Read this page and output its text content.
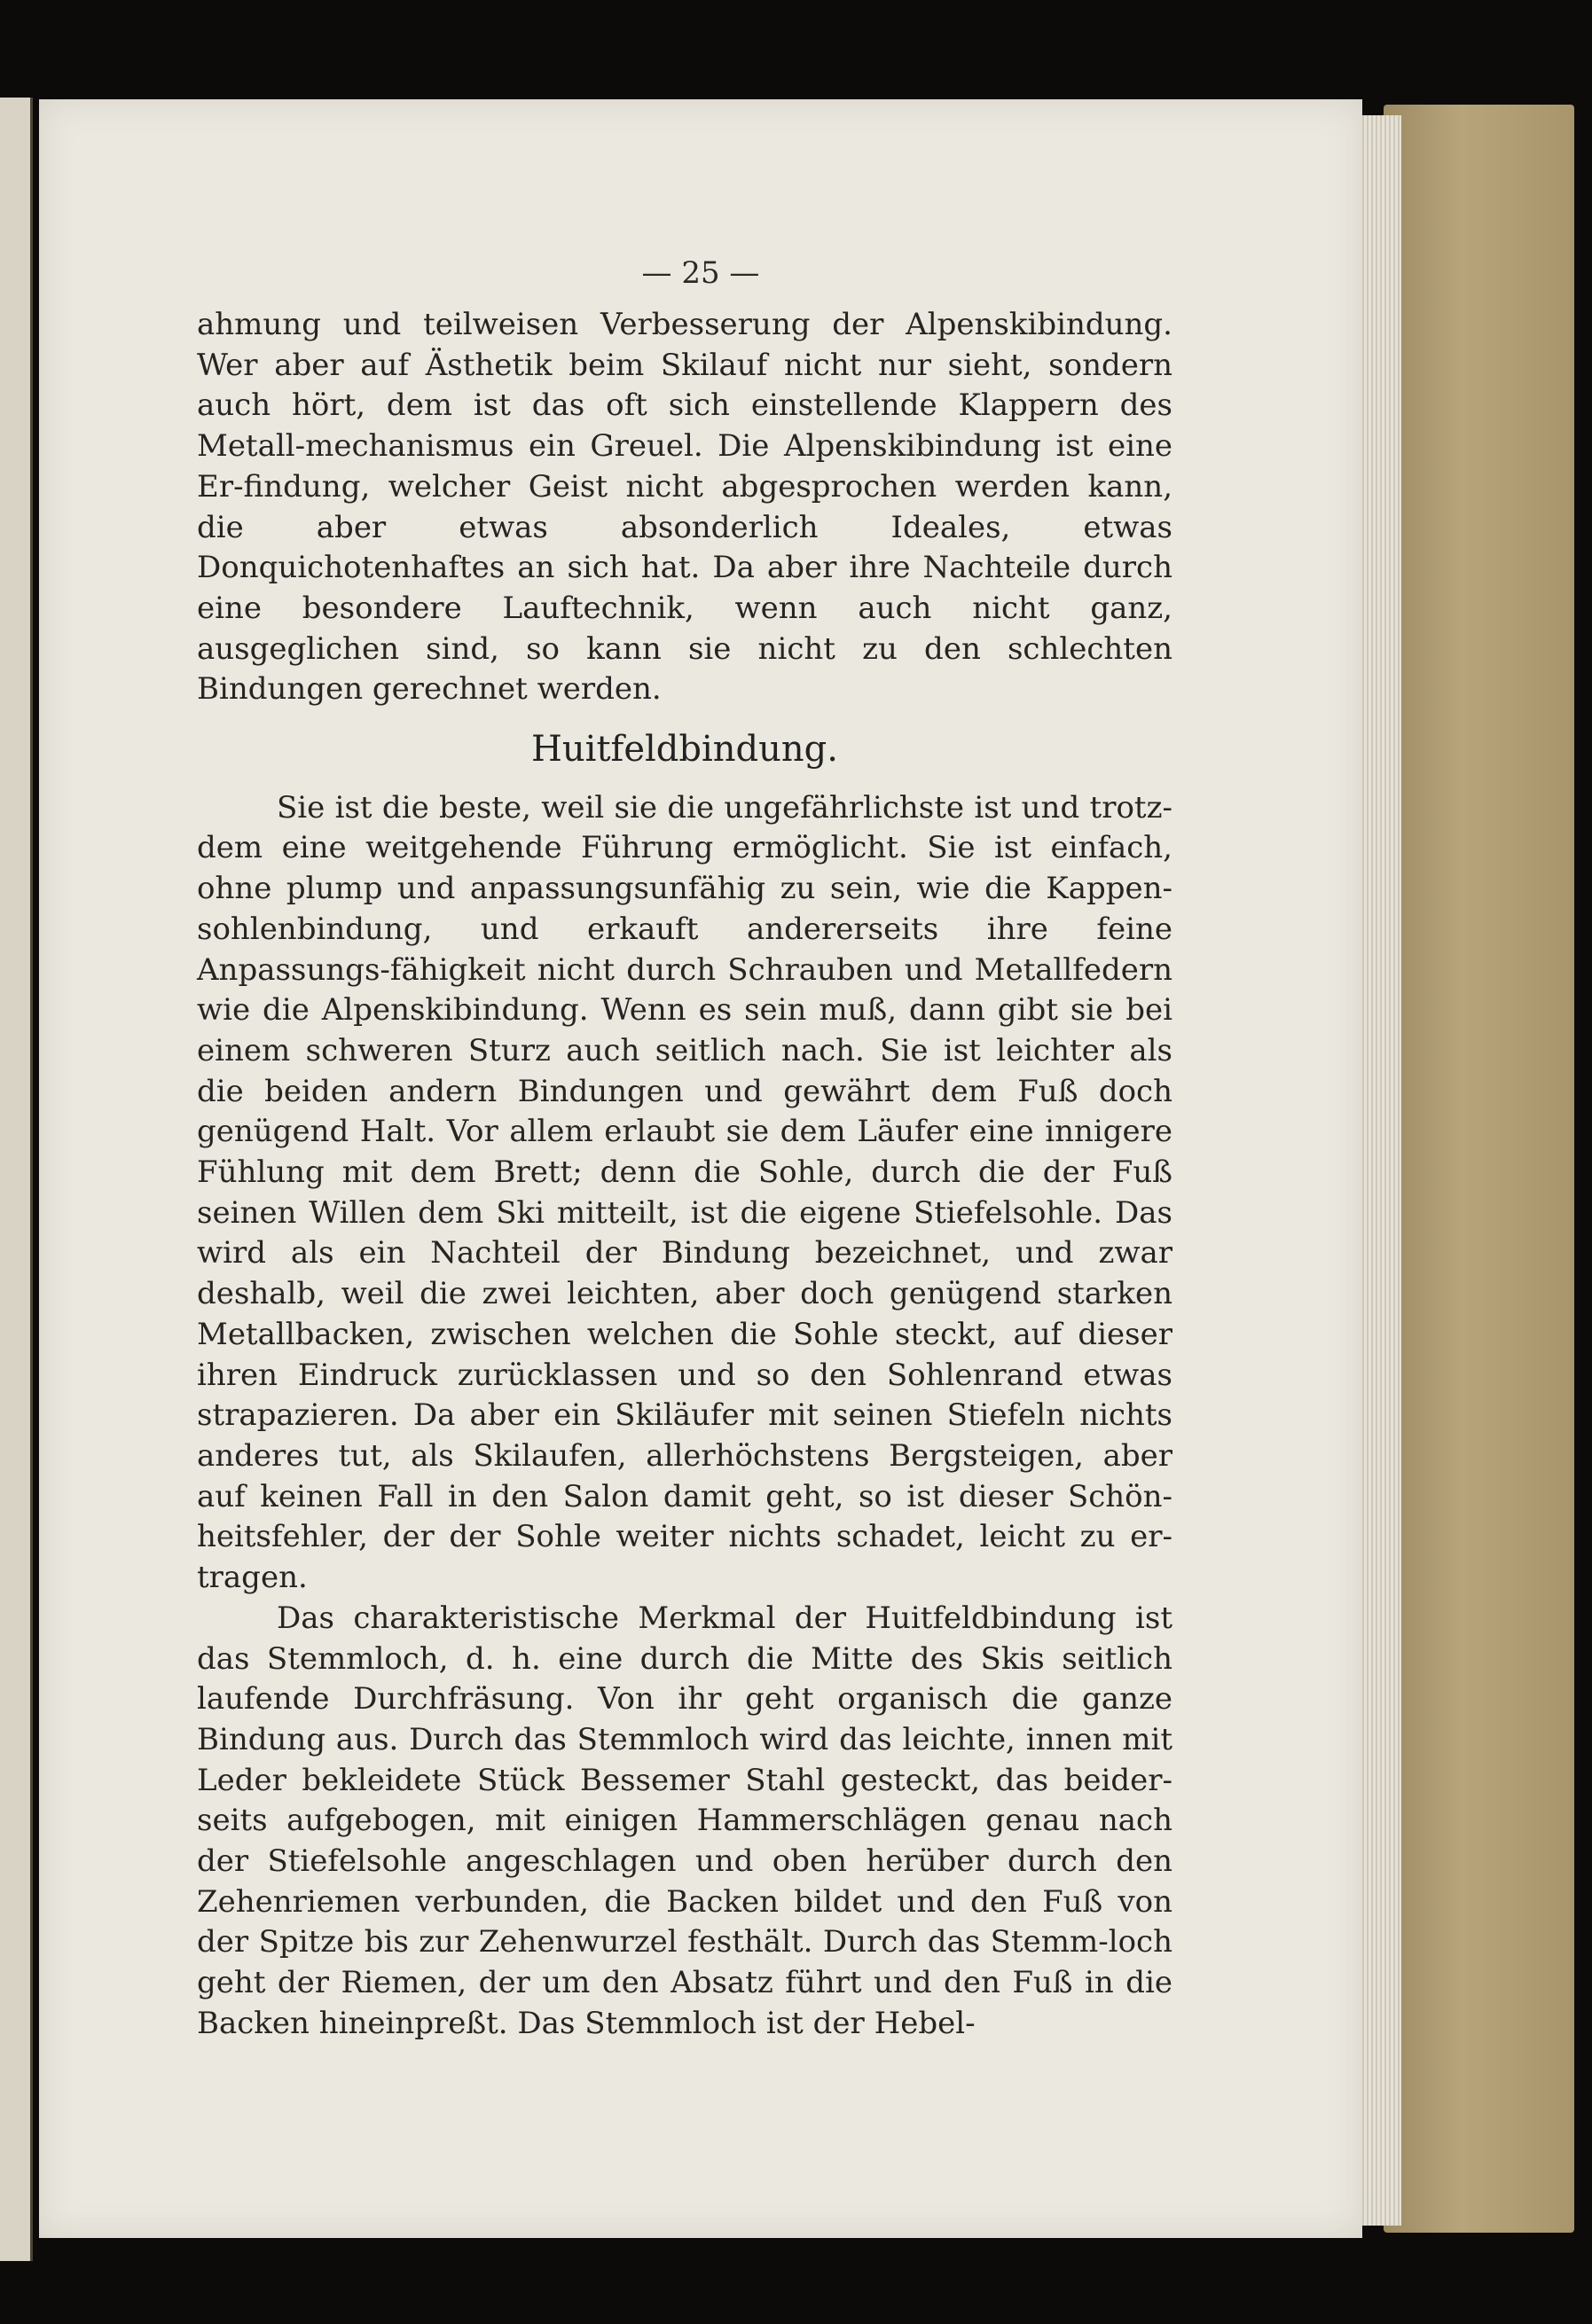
— 25 —

ahmung und teilweisen Verbesserung der Alpenskibindung. Wer aber auf Ästhetik beim Skilauf nicht nur sieht, sondern auch hört, dem ist das oft sich einstellende Klappern des Metall-mechanismus ein Greuel. Die Alpenskibindung ist eine Er-findung, welcher Geist nicht abgesprochen werden kann, die aber etwas absonderlich Ideales, etwas Donquichotenhaftes an sich hat. Da aber ihre Nachteile durch eine besondere Lauftechnik, wenn auch nicht ganz, ausgeglichen sind, so kann sie nicht zu den schlechten Bindungen gerechnet werden.

Huitfeldbindung.

Sie ist die beste, weil sie die ungefährlichste ist und trotz-dem eine weitgehende Führung ermöglicht. Sie ist einfach, ohne plump und anpassungsunfähig zu sein, wie die Kappen-sohlenbindung, und erkauft andererseits ihre feine Anpassungs-fähigkeit nicht durch Schrauben und Metallfedern wie die Alpenskibindung. Wenn es sein muß, dann gibt sie bei einem schweren Sturz auch seitlich nach. Sie ist leichter als die beiden andern Bindungen und gewährt dem Fuß doch genügend Halt. Vor allem erlaubt sie dem Läufer eine innigere Fühlung mit dem Brett; denn die Sohle, durch die der Fuß seinen Willen dem Ski mitteilt, ist die eigene Stiefelsohle. Das wird als ein Nachteil der Bindung bezeichnet, und zwar deshalb, weil die zwei leichten, aber doch genügend starken Metallbacken, zwischen welchen die Sohle steckt, auf dieser ihren Eindruck zurücklassen und so den Sohlenrand etwas strapazieren. Da aber ein Skiläufer mit seinen Stiefeln nichts anderes tut, als Skilaufen, allerhöchstens Bergsteigen, aber auf keinen Fall in den Salon damit geht, so ist dieser Schön-heitsfehler, der der Sohle weiter nichts schadet, leicht zu er-tragen.

Das charakteristische Merkmal der Huitfeldbindung ist das Stemmloch, d. h. eine durch die Mitte des Skis seitlich laufende Durchfräsung. Von ihr geht organisch die ganze Bindung aus. Durch das Stemmloch wird das leichte, innen mit Leder bekleidete Stück Bessemer Stahl gesteckt, das beider-seits aufgebogen, mit einigen Hammerschlägen genau nach der Stiefelsohle angeschlagen und oben herüber durch den Zehenriemen verbunden, die Backen bildet und den Fuß von der Spitze bis zur Zehenwurzel festhält. Durch das Stemm-loch geht der Riemen, der um den Absatz führt und den Fuß in die Backen hineinpreßt. Das Stemmloch ist der Hebel-
